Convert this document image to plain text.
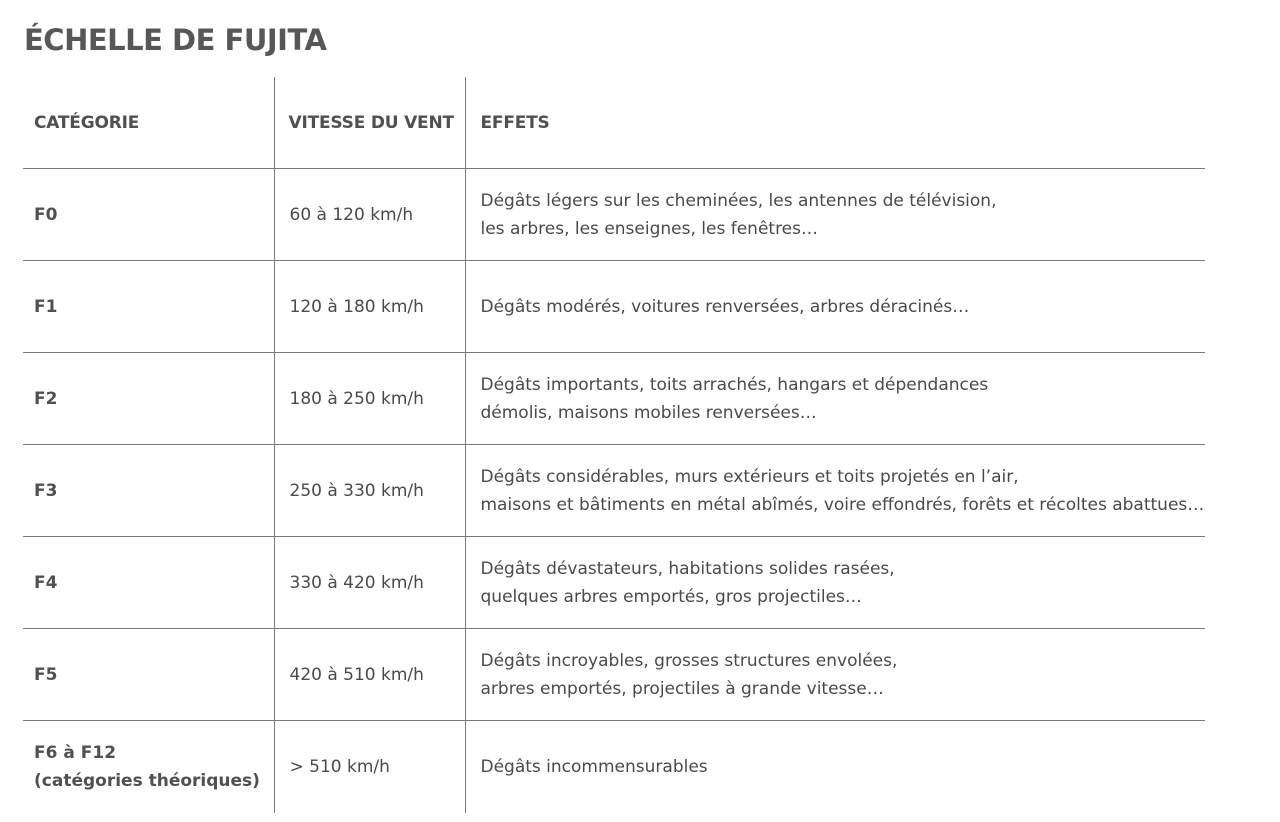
ÉCHELLE DE FUJITA
CATÉGORIE	VITESSE DU VENT	EFFETS

F0	60 à 120 km/h	Dégâts légers sur les cheminées, les antennes de télévision,
les arbres, les enseignes, les fenêtres…

F1	120 à 180 km/h	Dégâts modérés, voitures renversées, arbres déracinés…

F2	180 à 250 km/h	Dégâts importants, toits arrachés, hangars et dépendances
démolis, maisons mobiles renversées…

F3	250 à 330 km/h	Dégâts considérables, murs extérieurs et toits projetés en l’air,
maisons et bâtiments en métal abîmés, voire effondrés, forêts et récoltes abattues…

F4	330 à 420 km/h	Dégâts dévastateurs, habitations solides rasées,
quelques arbres emportés, gros projectiles…

F5	420 à 510 km/h	Dégâts incroyables, grosses structures envolées,
arbres emportés, projectiles à grande vitesse…

F6 à F12
(catégories théoriques)	> 510 km/h	Dégâts incommensurables
